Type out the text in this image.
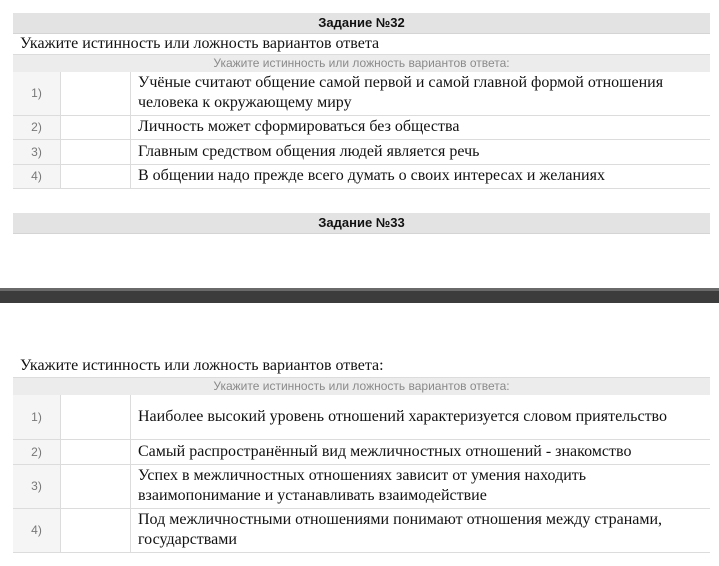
Задание №32
Укажите истинность или ложность вариантов ответа
Укажите истинность или ложность вариантов ответа:
1)		Учёные считают общение самой первой и самой главной формой отношения человека к окружающему миру
2)		Личность может сформироваться без общества
3)		Главным средством общения людей является речь
4)		В общении надо прежде всего думать о своих интересах и желаниях
Задание №33
Укажите истинность или ложность вариантов ответа:
Укажите истинность или ложность вариантов ответа:
1)		Наиболее высокий уровень отношений характеризуется словом приятельство
2)		Самый распространённый вид межличностных отношений - знакомство
3)		Успех в межличностных отношениях зависит от умения находить взаимопонимание и устанавливать взаимодействие
4)		Под межличностными отношениями понимают отношения между странами, государствами
